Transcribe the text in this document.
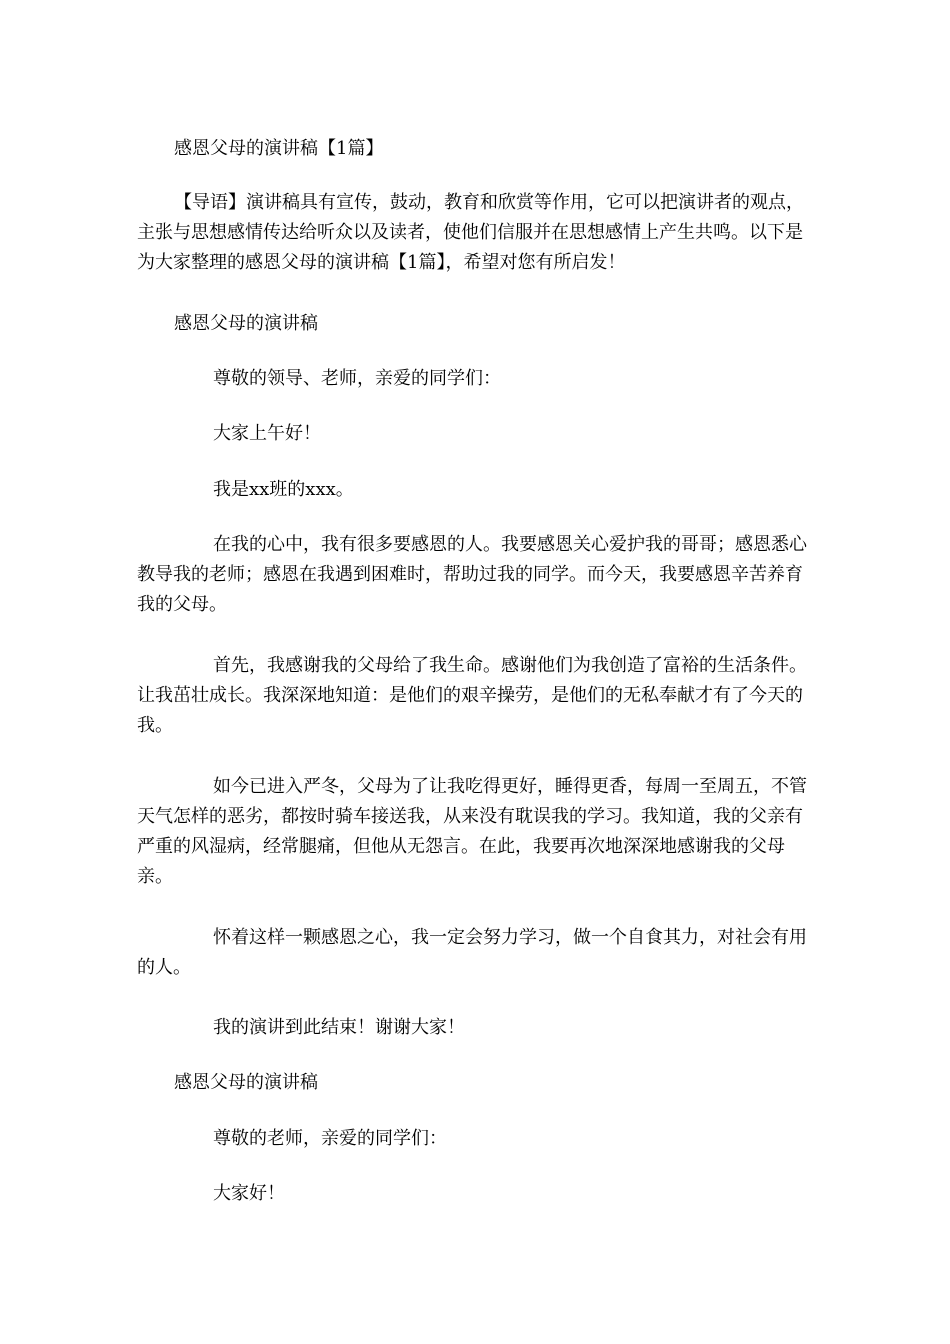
感恩父母的演讲稿【1篇】

【导语】演讲稿具有宣传，鼓动，教育和欣赏等作用，它可以把演讲者的观点，主张与思想感情传达给听众以及读者，使他们信服并在思想感情上产生共鸣。以下是为大家整理的感恩父母的演讲稿【1篇】，希望对您有所启发！

感恩父母的演讲稿

尊敬的领导、老师，亲爱的同学们：

大家上午好！

我是xx班的xxx。

在我的心中，我有很多要感恩的人。我要感恩关心爱护我的哥哥；感恩悉心教导我的老师；感恩在我遇到困难时，帮助过我的同学。而今天，我要感恩辛苦养育我的父母。

首先，我感谢我的父母给了我生命。感谢他们为我创造了富裕的生活条件。让我茁壮成长。我深深地知道：是他们的艰辛操劳，是他们的无私奉献才有了今天的我。

如今已进入严冬，父母为了让我吃得更好，睡得更香，每周一至周五，不管天气怎样的恶劣，都按时骑车接送我，从来没有耽误我的学习。我知道，我的父亲有严重的风湿病，经常腿痛，但他从无怨言。在此，我要再次地深深地感谢我的父母亲。

怀着这样一颗感恩之心，我一定会努力学习，做一个自食其力，对社会有用的人。

我的演讲到此结束！谢谢大家！

感恩父母的演讲稿

尊敬的老师，亲爱的同学们：

大家好！
